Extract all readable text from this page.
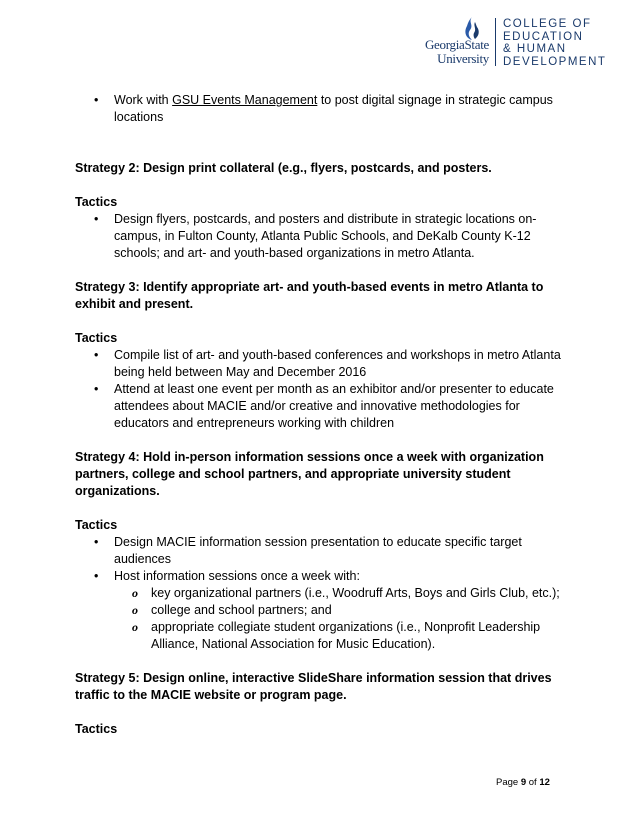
GeorgiaState
University
COLLEGE OF
EDUCATION
& HUMAN
DEVELOPMENT
• Work with GSU Events Management to post digital signage in strategic campus locations

Strategy 2: Design print collateral (e.g., flyers, postcards, and posters.

Tactics

• Design flyers, postcards, and posters and distribute in strategic locations on-campus, in Fulton County, Atlanta Public Schools, and DeKalb County K-12 schools; and art- and youth-based organizations in metro Atlanta.

Strategy 3: Identify appropriate art- and youth-based events in metro Atlanta to exhibit and present.

Tactics

• Compile list of art- and youth-based conferences and workshops in metro Atlanta being held between May and December 2016
• Attend at least one event per month as an exhibitor and/or presenter to educate attendees about MACIE and/or creative and innovative methodologies for educators and entrepreneurs working with children

Strategy 4: Hold in-person information sessions once a week with organization partners, college and school partners, and appropriate university student organizations.

Tactics

• Design MACIE information session presentation to educate specific target audiences
• Host information sessions once a week with:
o key organizational partners (i.e., Woodruff Arts, Boys and Girls Club, etc.);
o college and school partners; and
o appropriate collegiate student organizations (i.e., Nonprofit Leadership Alliance, National Association for Music Education).

Strategy 5: Design online, interactive SlideShare information session that drives traffic to the MACIE website or program page.

Tactics

Page 9 of 12
